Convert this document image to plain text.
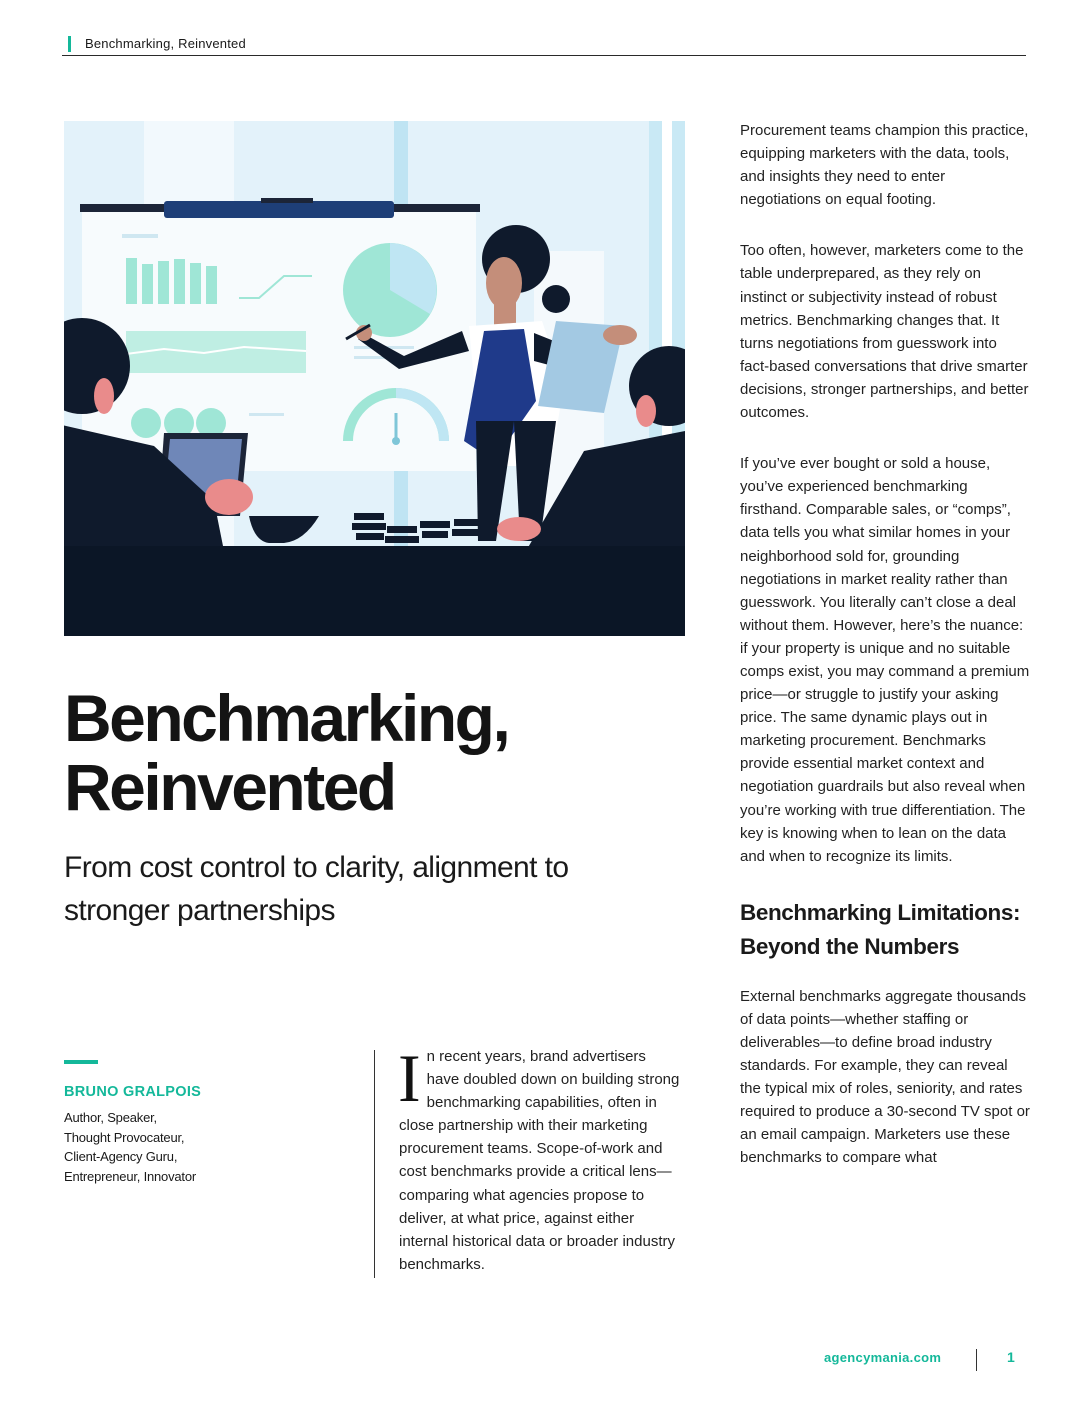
Benchmarking, Reinvented
Benchmarking,
Reinvented

From cost control to clarity, alignment to stronger partnerships

BRUNO GRALPOIS
Author, Speaker,
Thought Provocateur,
Client-Agency Guru,
Entrepreneur, Innovator

In recent years, brand advertisers have doubled down on building strong benchmarking capabilities, often in close partnership with their marketing procurement teams. Scope-of-work and cost benchmarks provide a critical lens—comparing what agencies propose to deliver, at what price, against either internal historical data or broader industry benchmarks.

Procurement teams champion this practice, equipping marketers with the data, tools, and insights they need to enter negotiations on equal footing.

Too often, however, marketers come to the table underprepared, as they rely on instinct or subjectivity instead of robust metrics. Benchmarking changes that. It turns negotiations from guesswork into fact-based conversations that drive smarter decisions, stronger partnerships, and better outcomes.

If you’ve ever bought or sold a house, you’ve experienced benchmarking firsthand. Comparable sales, or “comps”, data tells you what similar homes in your neighborhood sold for, grounding negotiations in market reality rather than guesswork. You literally can’t close a deal without them. However, here’s the nuance: if your property is unique and no suitable comps exist, you may command a premium price—or struggle to justify your asking price. The same dynamic plays out in marketing procurement. Benchmarks provide essential market context and negotiation guardrails but also reveal when you’re working with true differentiation. The key is knowing when to lean on the data and when to recognize its limits.

Benchmarking Limitations: Beyond the Numbers

External benchmarks aggregate thousands of data points—whether staffing or deliverables—to define broad industry standards. For example, they can reveal the typical mix of roles, seniority, and rates required to produce a 30-second TV spot or an email campaign. Marketers use these benchmarks to compare what

agencymania.com	1
